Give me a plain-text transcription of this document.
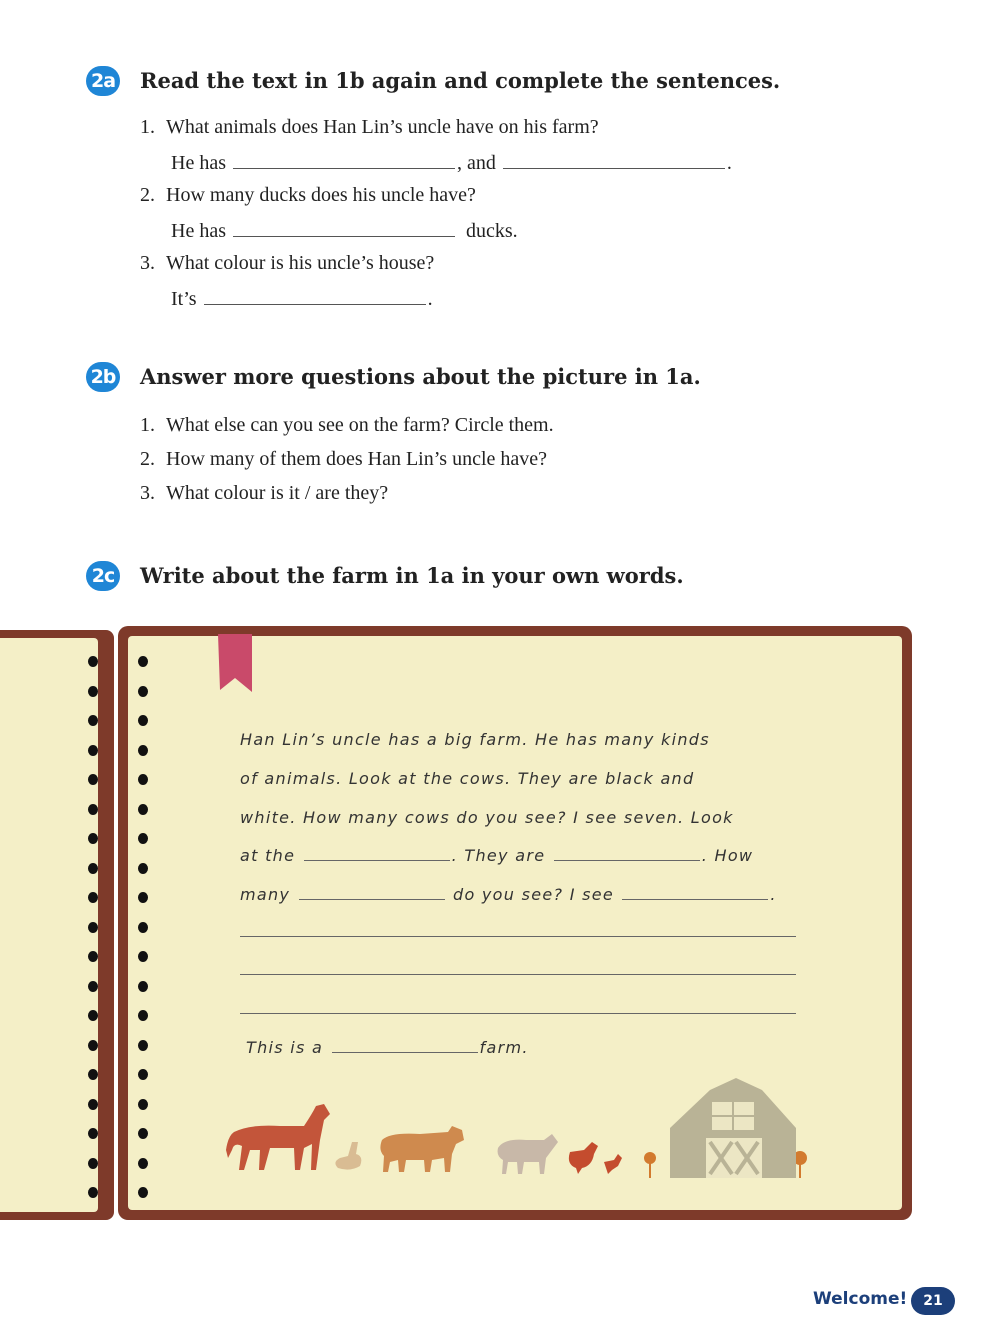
2a Read the text in 1b again and complete the sentences.
1. What animals does Han Lin’s uncle have on his farm?
He has	, and	.
2. How many ducks does his uncle have?
He has	ducks.
3. What colour is his uncle’s house?
It’s	.
2b Answer more questions about the picture in 1a.
1. What else can you see on the farm? Circle them.
2. How many of them does Han Lin’s uncle have?
3. What colour is it / are they?
2c Write about the farm in 1a in your own words.
Han Lin’s uncle has a big farm. He has many kinds
of animals. Look at the cows. They are black and
white. How many cows do you see? I see seven. Look
at the	. They are	. How
many	do you see? I see	.
This is a	farm.
Welcome!	21
